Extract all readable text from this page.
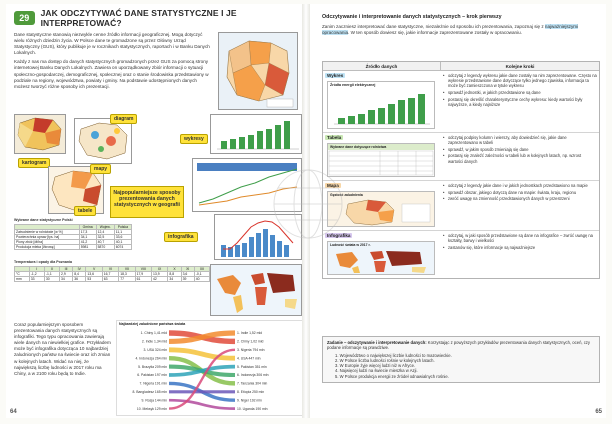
29	JAK ODCZYTYWAĆ DANE STATYSTYCZNE I JE INTERPRETOWAĆ?

Dane statystyczne stanowią niezwykle cenne źródło informacji geograficznej. Mogą dotyczyć wielu różnych dziedzin życia. W Polsce dane te gromadzone są przez Główny Urząd Statystyczny (GUS), który publikuje je w rocznikach statystycznych, raportach i w Banku Danych Lokalnych.

Każdy z nas ma dostęp do danych statystycznych gromadzonych przez GUS za pomocą strony internetowej Banku Danych Lokalnych. Zawiera on uporządkowany zbiór informacji o sytuacji społeczno-gospodarczej, demograficznej, społecznej oraz o stanie środowiska przedstawiony w podziale na regiony, województwa, powiaty i gminy. Na podstawie udostępnionych danych możesz tworzyć różne sposoby ich prezentacji.

kartogram
diagram
mapy
Najpopularniejsze sposoby prezentowania danych statystycznych w geografii
wykresy
tabele
Wybrane dane statystyczne Polski
	Gmina	Wojew.	Polska
Zatrudnienie w rolnictwie [w %]	17,3	12,4	11,1
Powierzchnia upraw [tys. ha]	34,1	32,5	33,6
Plony zbóż [dt/ha]	41,2	40,7	40,1
Produkcja mleka [l/krowę]	5981	5870	6074
Temperatura i opady dla Poznania
	I	II	III	IV	V	VI	VII	VIII	IX	X	XI	XII
°C	-1,2	-1,1	2,9	8,4	13,6	16,7	18,3	17,9	13,9	8,8	3,6	-0,1
mm	33	30	34	36	53	63	77	61	42	34	39	40
infografika
Coraz popularniejszym sposobem prezentowania danych statystycznych są infografiki. Tego typu opracowania zawierają wiele danych na niewielkiej grafice. Przykładem może być infografika dotycząca 10 najbardziej zaludnionych państw na świecie oraz ich zmian w kolejnych latach. Widać na niej, że największą liczbę ludności w 2017 roku ma Chiny, a w 2100 roku będą to Indie.
Najbardziej zaludnione państwa świata
1. Chiny 1,41 mld
2. Indie 1,34 mld
3. USA 324 mln
4. Indonezja 264 mln
5. Brazylia 209 mln
6. Pakistan 197 mln
7. Nigeria 191 mln
8. Bangladesz 165 mln
9. Rosja 144 mln
10. Meksyk 129 mln
1. Indie 1,52 mld
2. Chiny 1,02 mld
3. Nigeria 794 mln
4. USA 447 mln
5. Pakistan 351 mln
6. Indonezja 306 mln
7. Tanzania 304 mln
8. Etiopia 250 mln
9. Niger 192 mln
10. Uganda 190 mln
64
Odczytywanie i interpretowanie danych statystycznych – krok pierwszy
Zanim zaczniesz interpretować dane statystyczne, niezależnie od sposobu ich prezentowania, zapoznaj się z najważniejszymi opracowania. W ten sposób dowiesz się, jakie informacje zaprezentowane zostały w opracowaniu.
Źródło danych	Kolejne kroki
Wykres
Źródła energii elektrycznej
• odczytaj z legendy wykresu jakie dane zostały na nim zaprezentowane. Często na wykresie przedstawione dane dotyczące tylko jednego zjawiska, informacja ta może być zamieszczona w tytule wykresu
• sprawdź jednostki, w jakich przedstawione są dane
• postaraj się określić charakterystyczne cechy wykresu: kiedy wartości były najwyższe, a kiedy najniższe
Tabela
Wybrane dane dotyczące rolnictwa
• odczytaj podpisy kolumn i wierszy, aby dowiedzieć się, jakie dane zaprezentowano w tabeli
• sprawdź, w jakim sposób zmieniają się dane
• postaraj się znaleźć zależności w tabeli lub w kolejnych latach, np. wzrost wartości danych
Mapa
Gęstość zaludnienia
• odczytaj z legendy jakie dane i w jakich jednostkach przedstawiono na mapie
• sprawdź obszar, jakiego dotyczą dane na mapie: świata, kraju, regionu
• zwróć uwagę na zmienność przedstawionych danych w przestrzeni
Infografika
Ludność świata w 2017 r.
• odczytaj, w jaki sposób przedstawione są dane na infografice – zwróć uwagę na kształty, barwy i wielkości
• zastanów się, które informacje są najważniejsze
Zadanie – odczytywanie i interpretowanie danych: Korzystając z powyższych przykładów prezentowania danych statystycznych, oceń, czy podane informacje są prawdziwe.
1. Województwo o największej liczbie ludności to mazowieckie.
2. W Polsce liczba ludności rośnie w kolejnych latach.
3. W Europie żyje więcej ludzi niż w Afryce.
4. Najwięcej ludzi na świecie mieszka w Azji.
5. W Polsce produkcja energii ze źródeł odnawialnych rośnie.
65
